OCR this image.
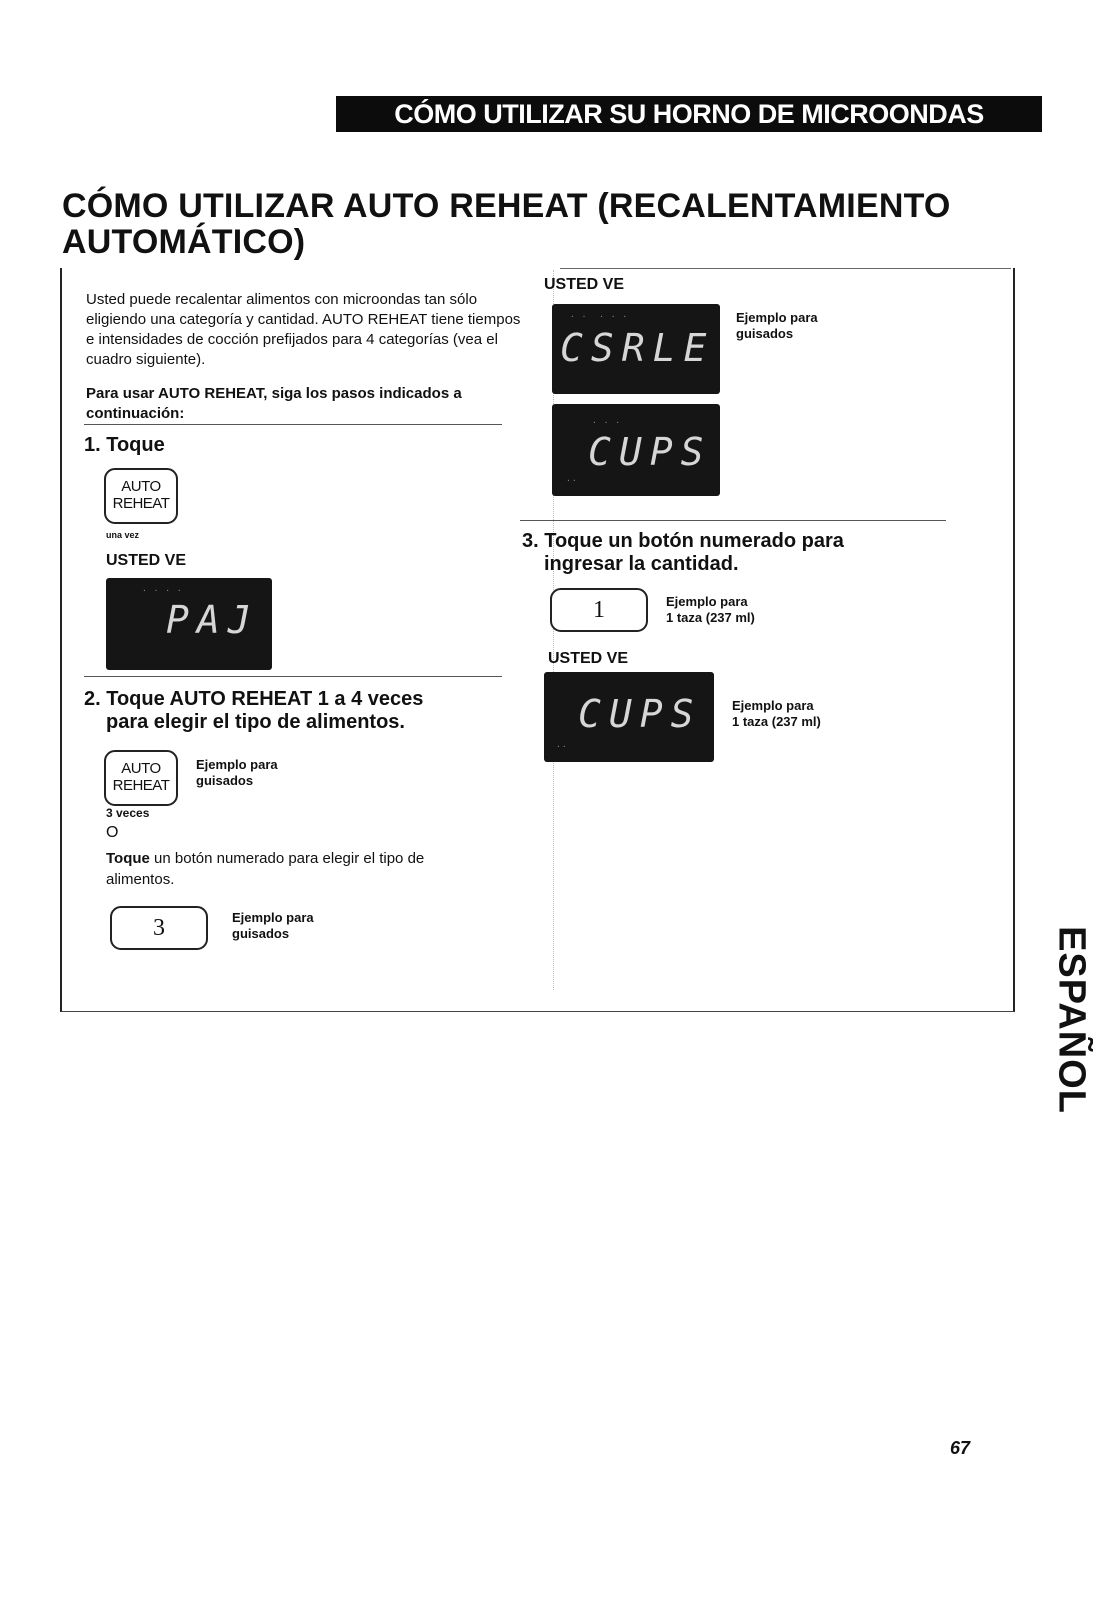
CÓMO UTILIZAR SU HORNO DE MICROONDAS
CÓMO UTILIZAR AUTO REHEAT (RECALENTAMIENTO AUTOMÁTICO)
Usted puede recalentar alimentos con microondas tan sólo eligiendo una categoría y cantidad. AUTO REHEAT tiene tiempos e intensidades de cocción prefijados para 4 categorías (vea el cuadro siguiente).
Para usar AUTO REHEAT, siga los pasos indicados a continuación:
1. Toque
AUTO
REHEAT
una vez
USTED VE
· · · ·
PAJ
2. Toque AUTO REHEAT 1 a 4 veces
para elegir el tipo de alimentos.
AUTO
REHEAT
Ejemplo para
guisados
3 veces
O
Toque un botón numerado para elegir el tipo de alimentos.
3	Ejemplo para
guisados
USTED VE
· ·  · · ·
CSRLE
Ejemplo para
guisados
· · ·
CUPS
··
3. Toque un botón numerado para
ingresar la cantidad.
1	Ejemplo para
1 taza (237 ml)
USTED VE
CUPS
··
Ejemplo para
1 taza (237 ml)
ESPAÑOL
67
